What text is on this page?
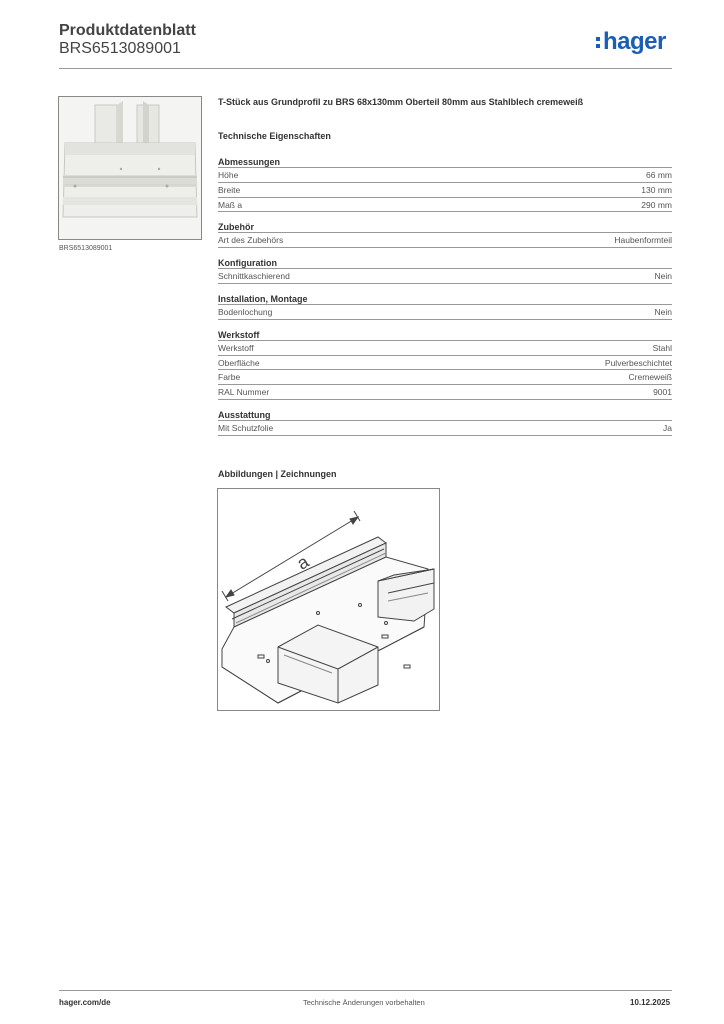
Produktdatenblatt
BRS6513089001	hager
BRS6513089001
T-Stück aus Grundprofil zu BRS 68x130mm Oberteil 80mm aus Stahlblech cremeweiß
Technische Eigenschaften
Abmessungen
Höhe	66 mm
Breite	130 mm
Maß a	290 mm
Zubehör
Art des Zubehörs	Haubenformteil
Konfiguration
Schnittkaschierend	Nein
Installation, Montage
Bodenlochung	Nein
Werkstoff
Werkstoff	Stahl
Oberfläche	Pulverbeschichtet
Farbe	Cremeweiß
RAL Nummer	9001
Ausstattung
Mit Schutzfolie	Ja
Abbildungen | Zeichnungen
a
hager.com/de	Technische Änderungen vorbehalten	10.12.2025
